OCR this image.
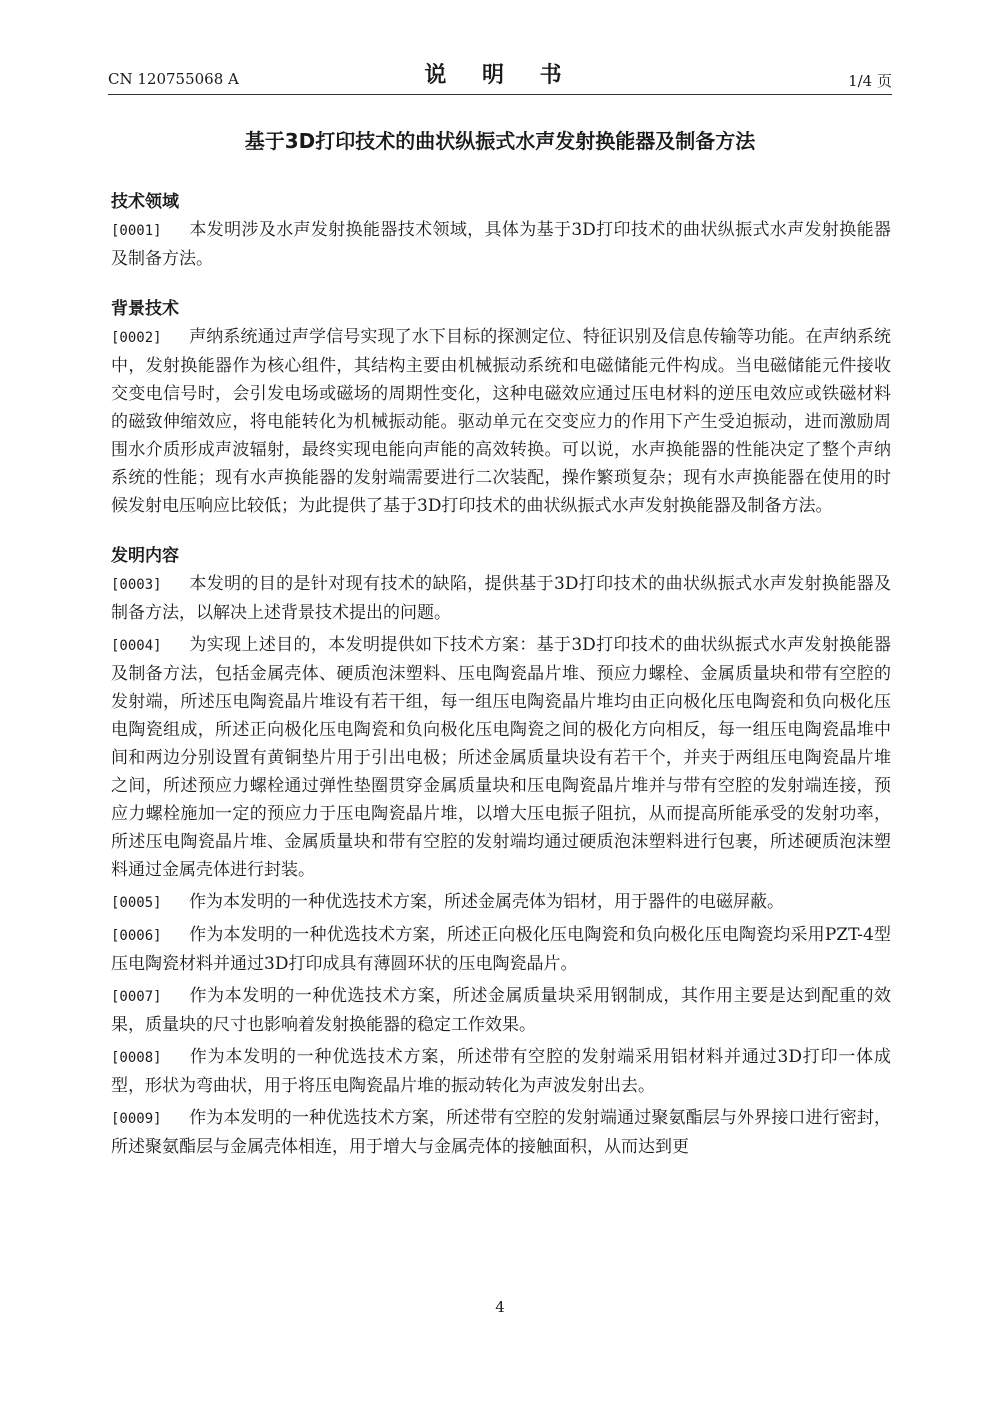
CN 120755068 A	说 明 书	1/4 页
基于3D打印技术的曲状纵振式水声发射换能器及制备方法
技术领域

[0001] 本发明涉及水声发射换能器技术领域，具体为基于3D打印技术的曲状纵振式水声发射换能器及制备方法。

背景技术

[0002] 声纳系统通过声学信号实现了水下目标的探测定位、特征识别及信息传输等功能。在声纳系统中，发射换能器作为核心组件，其结构主要由机械振动系统和电磁储能元件构成。当电磁储能元件接收交变电信号时，会引发电场或磁场的周期性变化，这种电磁效应通过压电材料的逆压电效应或铁磁材料的磁致伸缩效应，将电能转化为机械振动能。驱动单元在交变应力的作用下产生受迫振动，进而激励周围水介质形成声波辐射，最终实现电能向声能的高效转换。可以说，水声换能器的性能决定了整个声纳系统的性能；现有水声换能器的发射端需要进行二次装配，操作繁琐复杂；现有水声换能器在使用的时候发射电压响应比较低；为此提供了基于3D打印技术的曲状纵振式水声发射换能器及制备方法。

发明内容

[0003] 本发明的目的是针对现有技术的缺陷，提供基于3D打印技术的曲状纵振式水声发射换能器及制备方法，以解决上述背景技术提出的问题。

[0004] 为实现上述目的，本发明提供如下技术方案：基于3D打印技术的曲状纵振式水声发射换能器及制备方法，包括金属壳体、硬质泡沫塑料、压电陶瓷晶片堆、预应力螺栓、金属质量块和带有空腔的发射端，所述压电陶瓷晶片堆设有若干组，每一组压电陶瓷晶片堆均由正向极化压电陶瓷和负向极化压电陶瓷组成，所述正向极化压电陶瓷和负向极化压电陶瓷之间的极化方向相反，每一组压电陶瓷晶堆中间和两边分别设置有黄铜垫片用于引出电极；所述金属质量块设有若干个，并夹于两组压电陶瓷晶片堆之间，所述预应力螺栓通过弹性垫圈贯穿金属质量块和压电陶瓷晶片堆并与带有空腔的发射端连接，预应力螺栓施加一定的预应力于压电陶瓷晶片堆，以增大压电振子阻抗，从而提高所能承受的发射功率，所述压电陶瓷晶片堆、金属质量块和带有空腔的发射端均通过硬质泡沫塑料进行包裹，所述硬质泡沫塑料通过金属壳体进行封装。

[0005] 作为本发明的一种优选技术方案，所述金属壳体为铝材，用于器件的电磁屏蔽。

[0006] 作为本发明的一种优选技术方案，所述正向极化压电陶瓷和负向极化压电陶瓷均采用PZT-4型压电陶瓷材料并通过3D打印成具有薄圆环状的压电陶瓷晶片。

[0007] 作为本发明的一种优选技术方案，所述金属质量块采用钢制成，其作用主要是达到配重的效果，质量块的尺寸也影响着发射换能器的稳定工作效果。

[0008] 作为本发明的一种优选技术方案，所述带有空腔的发射端采用铝材料并通过3D打印一体成型，形状为弯曲状，用于将压电陶瓷晶片堆的振动转化为声波发射出去。

[0009] 作为本发明的一种优选技术方案，所述带有空腔的发射端通过聚氨酯层与外界接口进行密封，所述聚氨酯层与金属壳体相连，用于增大与金属壳体的接触面积，从而达到更

4
